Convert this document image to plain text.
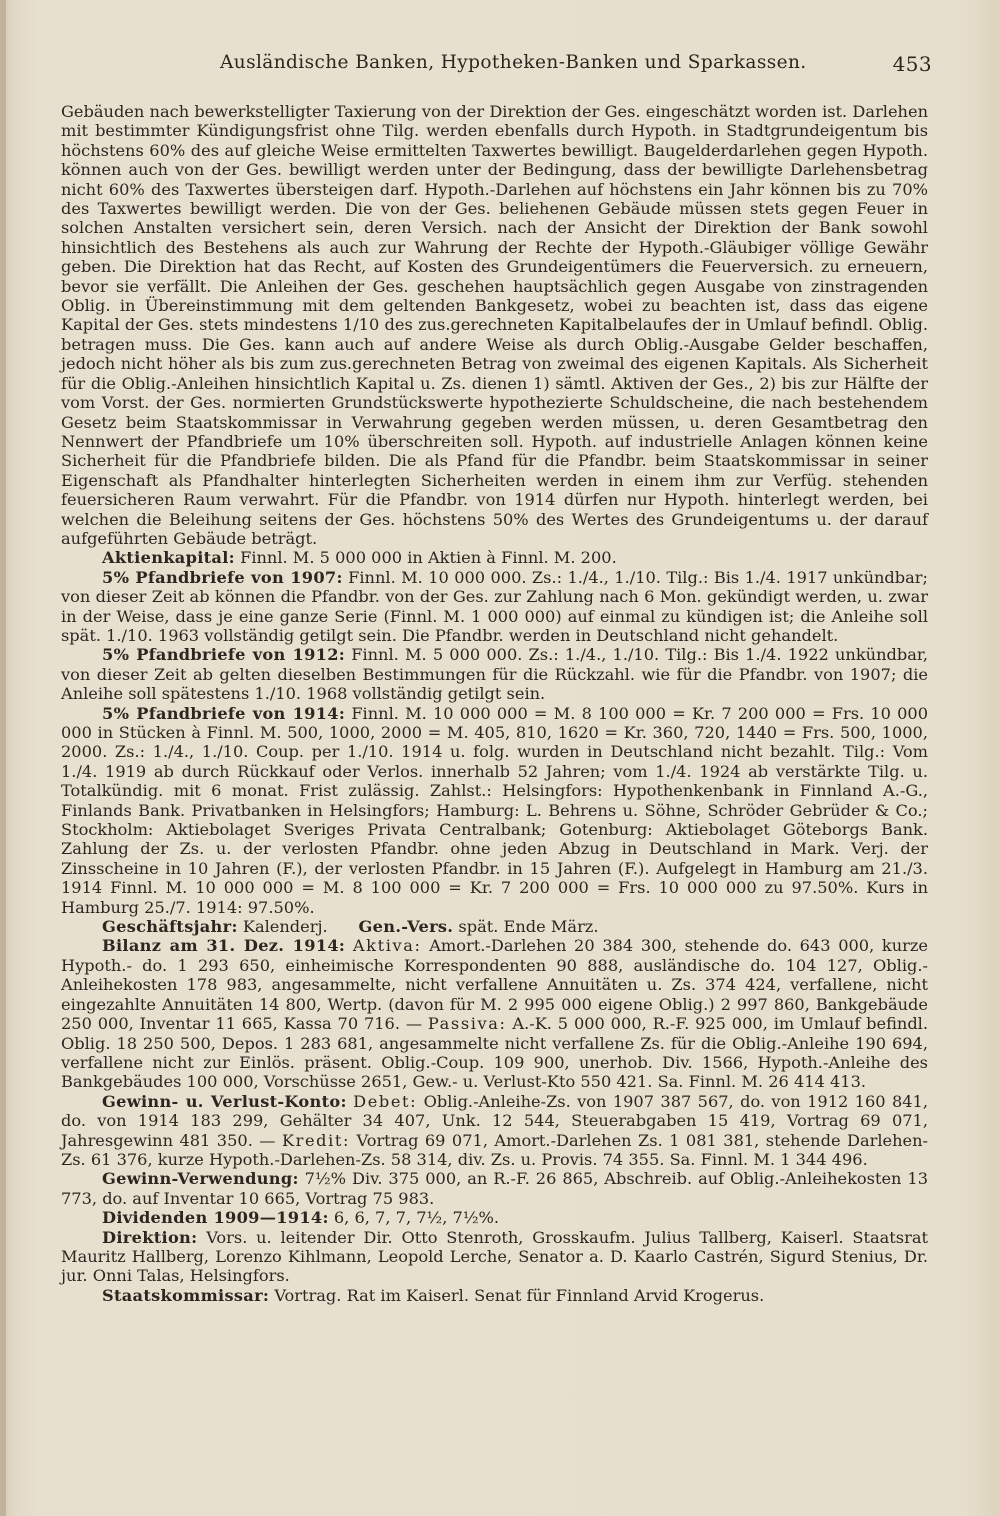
Ausländische Banken, Hypotheken-Banken und Sparkassen.	453

Gebäuden nach bewerkstelligter Taxierung von der Direktion der Ges. eingeschätzt worden ist. Darlehen mit bestimmter Kündigungsfrist ohne Tilg. werden ebenfalls durch Hypoth. in Stadtgrundeigentum bis höchstens 60% des auf gleiche Weise ermittelten Taxwertes bewilligt. Baugelderdarlehen gegen Hypoth. können auch von der Ges. bewilligt werden unter der Bedingung, dass der bewilligte Darlehensbetrag nicht 60% des Taxwertes übersteigen darf. Hypoth.-Darlehen auf höchstens ein Jahr können bis zu 70% des Taxwertes bewilligt werden. Die von der Ges. beliehenen Gebäude müssen stets gegen Feuer in solchen Anstalten versichert sein, deren Versich. nach der Ansicht der Direktion der Bank sowohl hinsichtlich des Bestehens als auch zur Wahrung der Rechte der Hypoth.-Gläubiger völlige Gewähr geben. Die Direktion hat das Recht, auf Kosten des Grundeigentümers die Feuerversich. zu erneuern, bevor sie verfällt. Die Anleihen der Ges. geschehen hauptsächlich gegen Ausgabe von zinstragenden Oblig. in Übereinstimmung mit dem geltenden Bankgesetz, wobei zu beachten ist, dass das eigene Kapital der Ges. stets mindestens 1/10 des zus.gerechneten Kapitalbelaufes der in Umlauf befindl. Oblig. betragen muss. Die Ges. kann auch auf andere Weise als durch Oblig.-Ausgabe Gelder beschaffen, jedoch nicht höher als bis zum zus.gerechneten Betrag von zweimal des eigenen Kapitals. Als Sicherheit für die Oblig.-Anleihen hinsichtlich Kapital u. Zs. dienen 1) sämtl. Aktiven der Ges., 2) bis zur Hälfte der vom Vorst. der Ges. normierten Grundstückswerte hypothezierte Schuldscheine, die nach bestehendem Gesetz beim Staatskommissar in Verwahrung gegeben werden müssen, u. deren Gesamtbetrag den Nennwert der Pfandbriefe um 10% überschreiten soll. Hypoth. auf industrielle Anlagen können keine Sicherheit für die Pfandbriefe bilden. Die als Pfand für die Pfandbr. beim Staatskommissar in seiner Eigenschaft als Pfandhalter hinterlegten Sicherheiten werden in einem ihm zur Verfüg. stehenden feuersicheren Raum verwahrt. Für die Pfandbr. von 1914 dürfen nur Hypoth. hinterlegt werden, bei welchen die Beleihung seitens der Ges. höchstens 50% des Wertes des Grundeigentums u. der darauf aufgeführten Gebäude beträgt.

Aktienkapital: Finnl. M. 5 000 000 in Aktien à Finnl. M. 200.

5% Pfandbriefe von 1907: Finnl. M. 10 000 000. Zs.: 1./4., 1./10. Tilg.: Bis 1./4. 1917 unkündbar; von dieser Zeit ab können die Pfandbr. von der Ges. zur Zahlung nach 6 Mon. gekündigt werden, u. zwar in der Weise, dass je eine ganze Serie (Finnl. M. 1 000 000) auf einmal zu kündigen ist; die Anleihe soll spät. 1./10. 1963 vollständig getilgt sein. Die Pfandbr. werden in Deutschland nicht gehandelt.

5% Pfandbriefe von 1912: Finnl. M. 5 000 000. Zs.: 1./4., 1./10. Tilg.: Bis 1./4. 1922 unkündbar, von dieser Zeit ab gelten dieselben Bestimmungen für die Rückzahl. wie für die Pfandbr. von 1907; die Anleihe soll spätestens 1./10. 1968 vollständig getilgt sein.

5% Pfandbriefe von 1914: Finnl. M. 10 000 000 = M. 8 100 000 = Kr. 7 200 000 = Frs. 10 000 000 in Stücken à Finnl. M. 500, 1000, 2000 = M. 405, 810, 1620 = Kr. 360, 720, 1440 = Frs. 500, 1000, 2000. Zs.: 1./4., 1./10. Coup. per 1./10. 1914 u. folg. wurden in Deutschland nicht bezahlt. Tilg.: Vom 1./4. 1919 ab durch Rückkauf oder Verlos. innerhalb 52 Jahren; vom 1./4. 1924 ab verstärkte Tilg. u. Totalkündig. mit 6 monat. Frist zulässig. Zahlst.: Helsingfors: Hypothenkenbank in Finnland A.-G., Finlands Bank. Privatbanken in Helsingfors; Hamburg: L. Behrens u. Söhne, Schröder Gebrüder & Co.; Stockholm: Aktiebolaget Sveriges Privata Centralbank; Gotenburg: Aktiebolaget Göteborgs Bank. Zahlung der Zs. u. der verlosten Pfandbr. ohne jeden Abzug in Deutschland in Mark. Verj. der Zinsscheine in 10 Jahren (F.), der verlosten Pfandbr. in 15 Jahren (F.). Aufgelegt in Hamburg am 21./3. 1914 Finnl. M. 10 000 000 = M. 8 100 000 = Kr. 7 200 000 = Frs. 10 000 000 zu 97.50%. Kurs in Hamburg 25./7. 1914: 97.50%.

Geschäftsjahr: Kalenderj. Gen.-Vers. spät. Ende März.

Bilanz am 31. Dez. 1914: Aktiva: Amort.-Darlehen 20 384 300, stehende do. 643 000, kurze Hypoth.- do. 1 293 650, einheimische Korrespondenten 90 888, ausländische do. 104 127, Oblig.-Anleihekosten 178 983, angesammelte, nicht verfallene Annuitäten u. Zs. 374 424, verfallene, nicht eingezahlte Annuitäten 14 800, Wertp. (davon für M. 2 995 000 eigene Oblig.) 2 997 860, Bankgebäude 250 000, Inventar 11 665, Kassa 70 716. — Passiva: A.-K. 5 000 000, R.-F. 925 000, im Umlauf befindl. Oblig. 18 250 500, Depos. 1 283 681, angesammelte nicht verfallene Zs. für die Oblig.-Anleihe 190 694, verfallene nicht zur Einlös. präsent. Oblig.-Coup. 109 900, unerhob. Div. 1566, Hypoth.-Anleihe des Bankgebäudes 100 000, Vorschüsse 2651, Gew.- u. Verlust-Kto 550 421. Sa. Finnl. M. 26 414 413.

Gewinn- u. Verlust-Konto: Debet: Oblig.-Anleihe-Zs. von 1907 387 567, do. von 1912 160 841, do. von 1914 183 299, Gehälter 34 407, Unk. 12 544, Steuerabgaben 15 419, Vortrag 69 071, Jahresgewinn 481 350. — Kredit: Vortrag 69 071, Amort.-Darlehen Zs. 1 081 381, stehende Darlehen-Zs. 61 376, kurze Hypoth.-Darlehen-Zs. 58 314, div. Zs. u. Provis. 74 355. Sa. Finnl. M. 1 344 496.

Gewinn-Verwendung: 7½% Div. 375 000, an R.-F. 26 865, Abschreib. auf Oblig.-Anleihekosten 13 773, do. auf Inventar 10 665, Vortrag 75 983.

Dividenden 1909—1914: 6, 6, 7, 7, 7½, 7½%.

Direktion: Vors. u. leitender Dir. Otto Stenroth, Grosskaufm. Julius Tallberg, Kaiserl. Staatsrat Mauritz Hallberg, Lorenzo Kihlmann, Leopold Lerche, Senator a. D. Kaarlo Castrén, Sigurd Stenius, Dr. jur. Onni Talas, Helsingfors.

Staatskommissar: Vortrag. Rat im Kaiserl. Senat für Finnland Arvid Krogerus.
